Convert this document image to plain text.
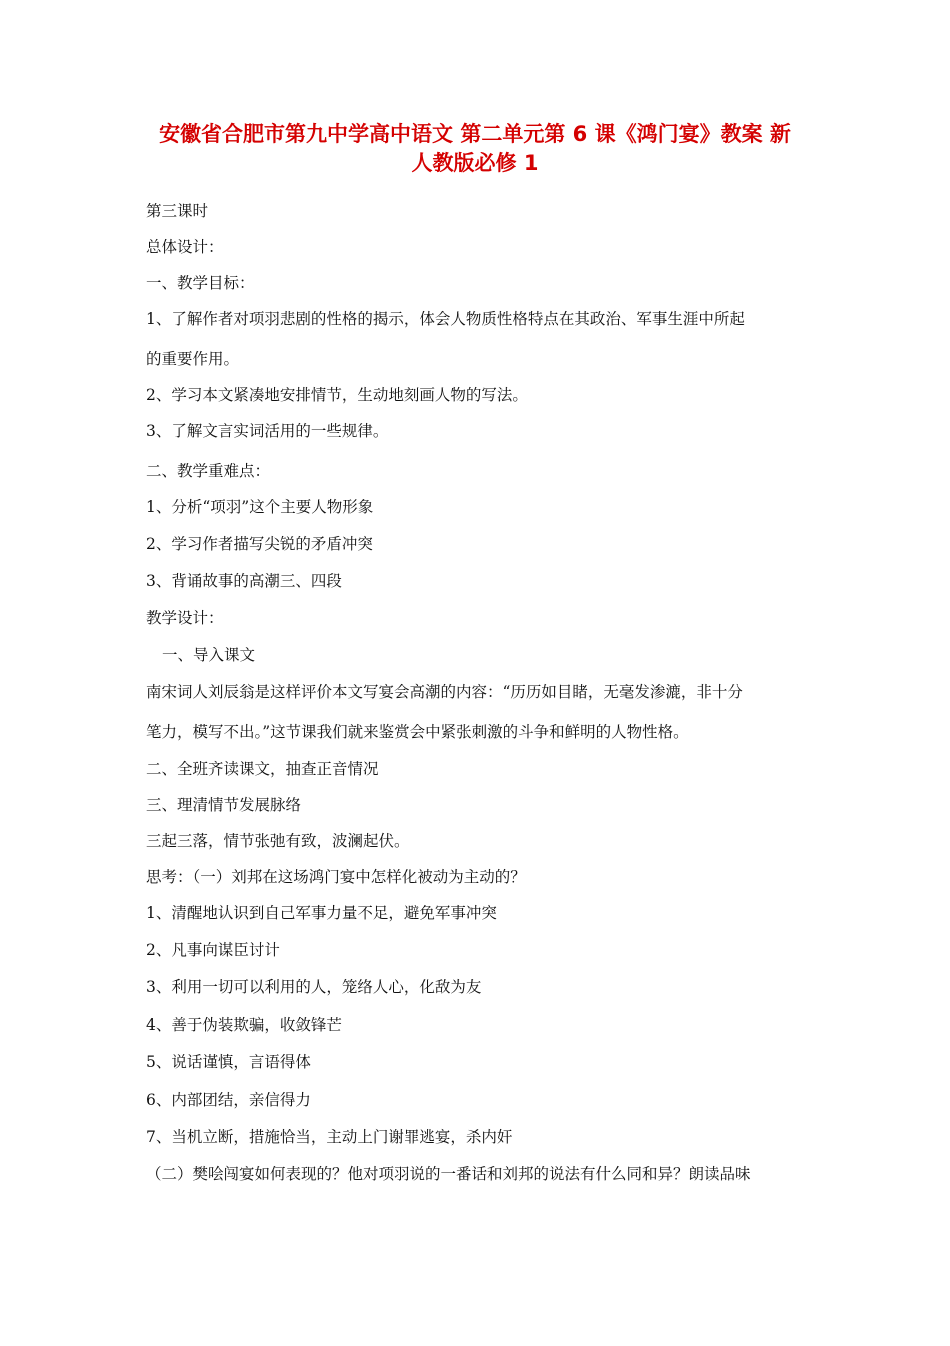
安徽省合肥市第九中学高中语文 第二单元第 6 课《鸿门宴》教案 新
人教版必修 1
第三课时
总体设计：
一、教学目标：
1、了解作者对项羽悲剧的性格的揭示，体会人物质性格特点在其政治、军事生涯中所起
的重要作用。
2、学习本文紧凑地安排情节，生动地刻画人物的写法。
3、了解文言实词活用的一些规律。
二、教学重难点：
1、分析“项羽”这个主要人物形象
2、学习作者描写尖锐的矛盾冲突
3、背诵故事的高潮三、四段
教学设计：
一、导入课文
南宋词人刘辰翁是这样评价本文写宴会高潮的内容：“历历如目睹，无毫发渗漉，非十分
笔力，模写不出。”这节课我们就来鉴赏会中紧张刺激的斗争和鲜明的人物性格。
二、全班齐读课文，抽查正音情况
三、理清情节发展脉络
三起三落，情节张弛有致，波澜起伏。
思考：（一）刘邦在这场鸿门宴中怎样化被动为主动的？
1、清醒地认识到自己军事力量不足，避免军事冲突
2、凡事向谋臣讨计
3、利用一切可以利用的人，笼络人心，化敌为友
4、善于伪装欺骗，收敛锋芒
5、说话谨慎，言语得体
6、内部团结，亲信得力
7、当机立断，措施恰当，主动上门谢罪逃宴，杀内奸
（二）樊哙闯宴如何表现的？他对项羽说的一番话和刘邦的说法有什么同和异？朗读品味
